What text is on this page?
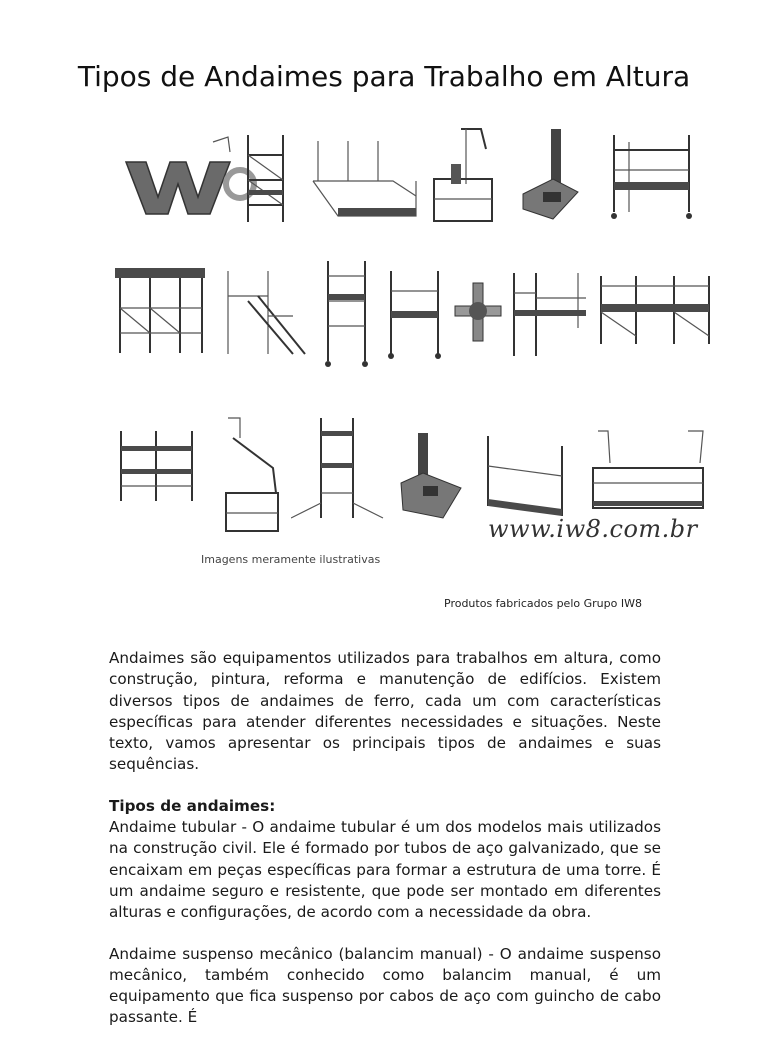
Tipos de Andaimes para Trabalho em Altura
www.iw8.com.br
Imagens meramente ilustrativas
Produtos fabricados pelo Grupo IW8

Andaimes são equipamentos utilizados para trabalhos em altura, como construção, pintura, reforma e manutenção de edifícios. Existem diversos tipos de andaimes de ferro, cada um com características específicas para atender diferentes necessidades e situações. Neste texto, vamos apresentar os principais tipos de andaimes e suas sequências.

Tipos de andaimes:

Andaime tubular - O andaime tubular é um dos modelos mais utilizados na construção civil. Ele é formado por tubos de aço galvanizado, que se encaixam em peças específicas para formar a estrutura de uma torre. É um andaime seguro e resistente, que pode ser montado em diferentes alturas e configurações, de acordo com a necessidade da obra.

Andaime suspenso mecânico (balancim manual) - O andaime suspenso mecânico, também conhecido como balancim manual, é um equipamento que fica suspenso por cabos de aço com guincho de cabo passante. É
